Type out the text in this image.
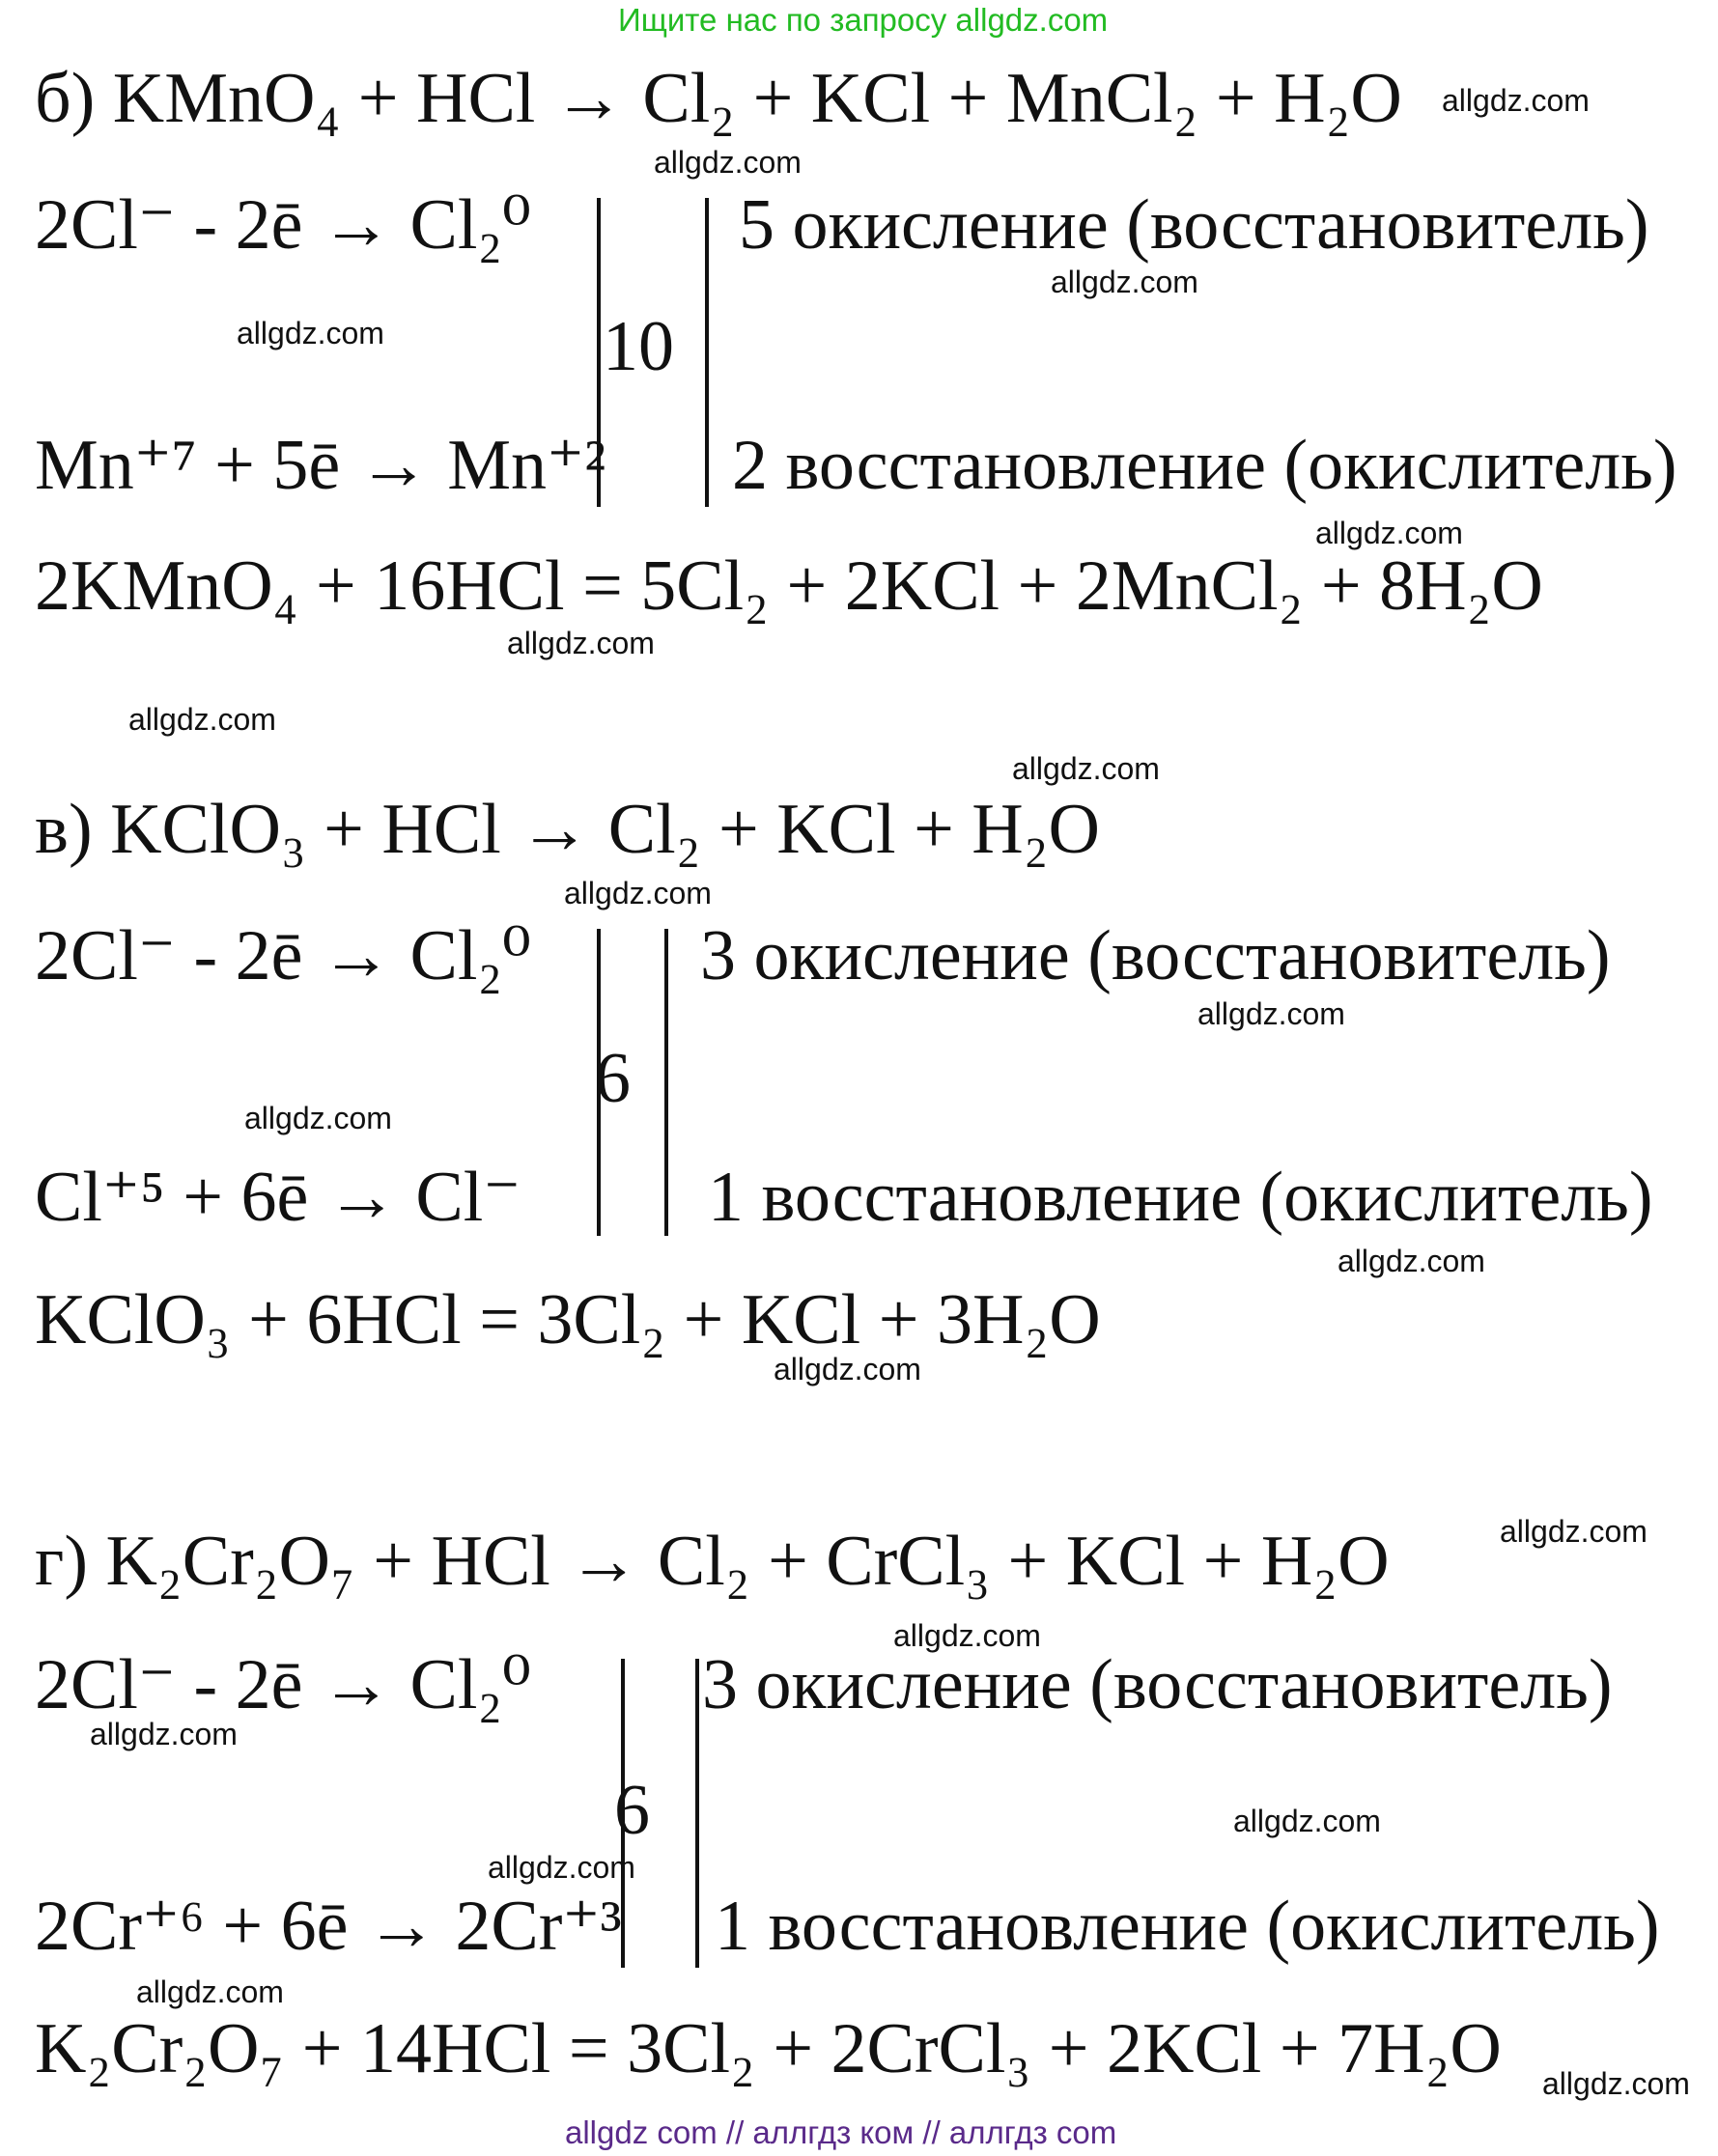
Ищите нас по запросу allgdz.com
б) KMnO₄ + HCl → Cl₂ + KCl + MnCl₂ + H₂O
2Cl⁻ - 2ē → Cl₂⁰
10
5 окисление (восстановитель)
Mn⁺⁷ + 5ē → Mn⁺² 2 восстановление (окислитель)
2KMnO₄ + 16HCl = 5Cl₂ + 2KCl + 2MnCl₂ + 8H₂O
в) KClO₃ + HCl → Cl₂ + KCl + H₂O
2Cl⁻ - 2ē → Cl₂⁰
6
3 окисление (восстановитель)
Cl⁺⁵ + 6ē → Cl⁻	1 восстановление (окислитель)
KClO₃ + 6HCl = 3Cl₂ + KCl + 3H₂O
г) K₂Cr₂O₇ + HCl → Cl₂ + CrCl₃ + KCl + H₂O
2Cl⁻ - 2ē → Cl₂⁰
6
3 окисление (восстановитель)
2Cr⁺⁶ + 6ē → 2Cr⁺³ 1 восстановление (окислитель)
K₂Cr₂O₇ + 14HCl = 3Cl₂ + 2CrCl₃ + 2KCl + 7H₂O
allgdz.com
allgdz.com
allgdz.com
allgdz.com
allgdz.com
allgdz.com
allgdz.com
allgdz.com
allgdz.com
allgdz.com
allgdz.com
allgdz.com
allgdz.com
allgdz.com
allgdz.com
allgdz.com
allgdz.com
allgdz.com
allgdz.com
allgdz.com
allgdz com // аллгдз ком // аллгдз com
